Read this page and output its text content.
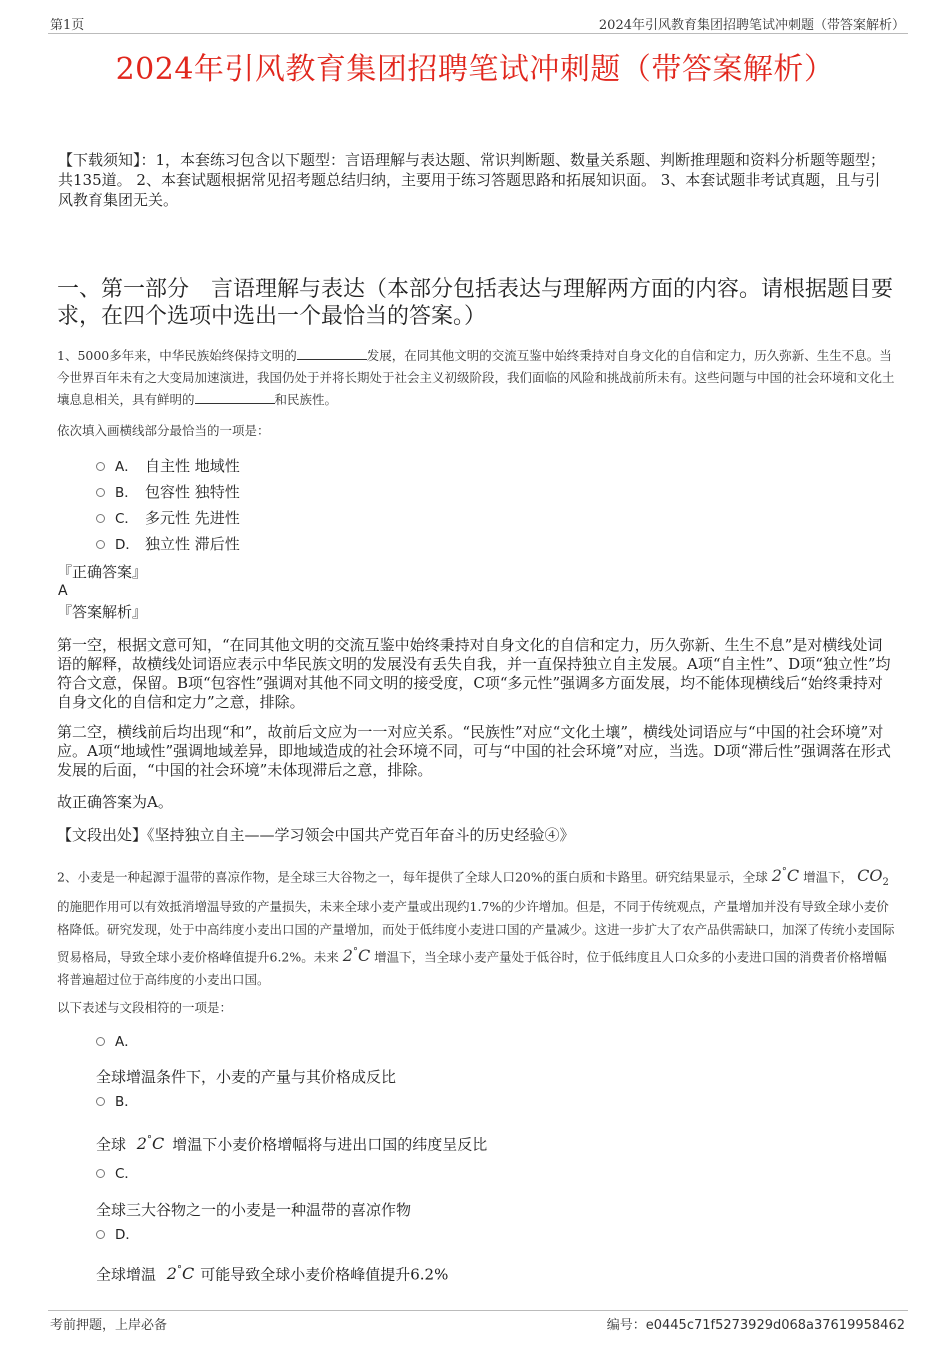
第1页	2024年引风教育集团招聘笔试冲刺题（带答案解析）
2024年引风教育集团招聘笔试冲刺题（带答案解析）
【下载须知】：1，本套练习包含以下题型：言语理解与表达题、常识判断题、数量关系题、判断推理题和资料分析题等题型；共135道。 2、本套试题根据常见招考题总结归纳，主要用于练习答题思路和拓展知识面。 3、本套试题非考试真题，且与引风教育集团无关。
一、第一部分　言语理解与表达（本部分包括表达与理解两方面的内容。请根据题目要求，在四个选项中选出一个最恰当的答案。）
1、5000多年来，中华民族始终保持文明的	发展，在同其他文明的交流互鉴中始终秉持对自身文化的自信和定力，历久弥新、生生不息。当今世界百年未有之大变局加速演进，我国仍处于并将长期处于社会主义初级阶段，我们面临的风险和挑战前所未有。这些问题与中国的社会环境和文化土壤息息相关，具有鲜明的	和民族性。
依次填入画横线部分最恰当的一项是：
A． 自主性 地域性
B． 包容性 独特性
C． 多元性 先进性
D． 独立性 滞后性
『正确答案』
A
『答案解析』
第一空，根据文意可知，“在同其他文明的交流互鉴中始终秉持对自身文化的自信和定力，历久弥新、生生不息”是对横线处词语的解释，故横线处词语应表示中华民族文明的发展没有丢失自我，并一直保持独立自主发展。A项“自主性”、D项“独立性”均符合文意，保留。B项“包容性”强调对其他不同文明的接受度，C项“多元性”强调多方面发展，均不能体现横线后“始终秉持对自身文化的自信和定力”之意，排除。
第二空，横线前后均出现“和”，故前后文应为一一对应关系。“民族性”对应“文化土壤”，横线处词语应与“中国的社会环境”对应。A项“地域性”强调地域差异，即地域造成的社会环境不同，可与“中国的社会环境”对应，当选。D项“滞后性”强调落在形式发展的后面，“中国的社会环境”未体现滞后之意，排除。
故正确答案为A。
【文段出处】《坚持独立自主——学习领会中国共产党百年奋斗的历史经验④》
2、小麦是一种起源于温带的喜凉作物，是全球三大谷物之一，每年提供了全球人口20%的蛋白质和卡路里。研究结果显示，全球 2°C 增温下， $CO_2$的施肥作用可以有效抵消增温导致的产量损失，未来全球小麦产量或出现约1.7%的少许增加。但是，不同于传统观点，产量增加并没有导致全球小麦价格降低。研究发现，处于中高纬度小麦出口国的产量增加，而处于低纬度小麦进口国的产量减少。这进一步扩大了农产品供需缺口，加深了传统小麦国际贸易格局，导致全球小麦价格峰值提升6.2%。未来 2°C 增温下，当全球小麦产量处于低谷时，位于低纬度且人口众多的小麦进口国的消费者价格增幅将普遍超过位于高纬度的小麦出口国。
以下表述与文段相符的一项是：
A．
全球增温条件下，小麦的产量与其价格成反比
B．
全球 2°C 增温下小麦价格增幅将与进出口国的纬度呈反比
C．
全球三大谷物之一的小麦是一种温带的喜凉作物
D．
全球增温 2°C 可能导致全球小麦价格峰值提升6.2%
考前押题，上岸必备	编号：e0445c71f5273929d068a37619958462
